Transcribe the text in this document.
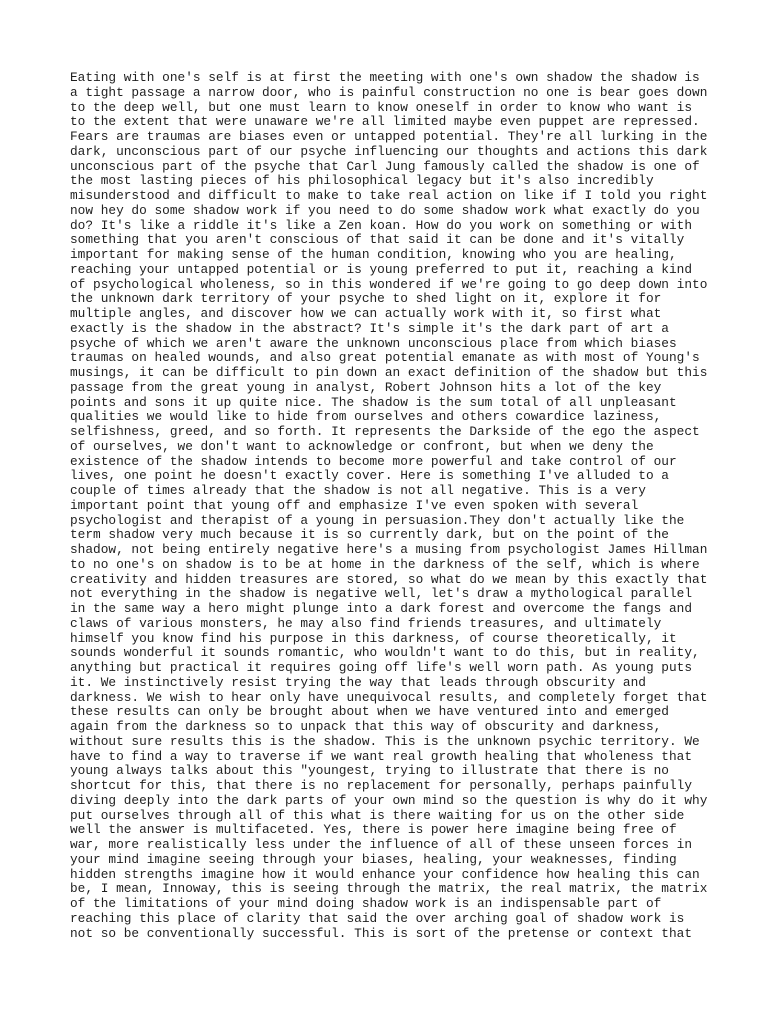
Eating with one's self is at first the meeting with one's own shadow the shadow is
a tight passage a narrow door, who is painful construction no one is bear goes down
to the deep well, but one must learn to know oneself in order to know who want is
to the extent that were unaware we're all limited maybe even puppet are repressed.
Fears are traumas are biases even or untapped potential. They're all lurking in the
dark, unconscious part of our psyche influencing our thoughts and actions this dark
unconscious part of the psyche that Carl Jung famously called the shadow is one of
the most lasting pieces of his philosophical legacy but it's also incredibly
misunderstood and difficult to make to take real action on like if I told you right
now hey do some shadow work if you need to do some shadow work what exactly do you
do? It's like a riddle it's like a Zen koan. How do you work on something or with
something that you aren't conscious of that said it can be done and it's vitally
important for making sense of the human condition, knowing who you are healing,
reaching your untapped potential or is young preferred to put it, reaching a kind
of psychological wholeness, so in this wondered if we're going to go deep down into
the unknown dark territory of your psyche to shed light on it, explore it for
multiple angles, and discover how we can actually work with it, so first what
exactly is the shadow in the abstract? It's simple it's the dark part of art a
psyche of which we aren't aware the unknown unconscious place from which biases
traumas on healed wounds, and also great potential emanate as with most of Young's
musings, it can be difficult to pin down an exact definition of the shadow but this
passage from the great young in analyst, Robert Johnson hits a lot of the key
points and sons it up quite nice. The shadow is the sum total of all unpleasant
qualities we would like to hide from ourselves and others cowardice laziness,
selfishness, greed, and so forth. It represents the Darkside of the ego the aspect
of ourselves, we don't want to acknowledge or confront, but when we deny the
existence of the shadow intends to become more powerful and take control of our
lives, one point he doesn't exactly cover. Here is something I've alluded to a
couple of times already that the shadow is not all negative. This is a very
important point that young off and emphasize I've even spoken with several
psychologist and therapist of a young in persuasion.They don't actually like the
term shadow very much because it is so currently dark, but on the point of the
shadow, not being entirely negative here's a musing from psychologist James Hillman
to no one's on shadow is to be at home in the darkness of the self, which is where
creativity and hidden treasures are stored, so what do we mean by this exactly that
not everything in the shadow is negative well, let's draw a mythological parallel
in the same way a hero might plunge into a dark forest and overcome the fangs and
claws of various monsters, he may also find friends treasures, and ultimately
himself you know find his purpose in this darkness, of course theoretically, it
sounds wonderful it sounds romantic, who wouldn't want to do this, but in reality,
anything but practical it requires going off life's well worn path. As young puts
it. We instinctively resist trying the way that leads through obscurity and
darkness. We wish to hear only have unequivocal results, and completely forget that
these results can only be brought about when we have ventured into and emerged
again from the darkness so to unpack that this way of obscurity and darkness,
without sure results this is the shadow. This is the unknown psychic territory. We
have to find a way to traverse if we want real growth healing that wholeness that
young always talks about this "youngest, trying to illustrate that there is no
shortcut for this, that there is no replacement for personally, perhaps painfully
diving deeply into the dark parts of your own mind so the question is why do it why
put ourselves through all of this what is there waiting for us on the other side
well the answer is multifaceted. Yes, there is power here imagine being free of
war, more realistically less under the influence of all of these unseen forces in
your mind imagine seeing through your biases, healing, your weaknesses, finding
hidden strengths imagine how it would enhance your confidence how healing this can
be, I mean, Innoway, this is seeing through the matrix, the real matrix, the matrix
of the limitations of your mind doing shadow work is an indispensable part of
reaching this place of clarity that said the over arching goal of shadow work is
not so be conventionally successful. This is sort of the pretense or context that
